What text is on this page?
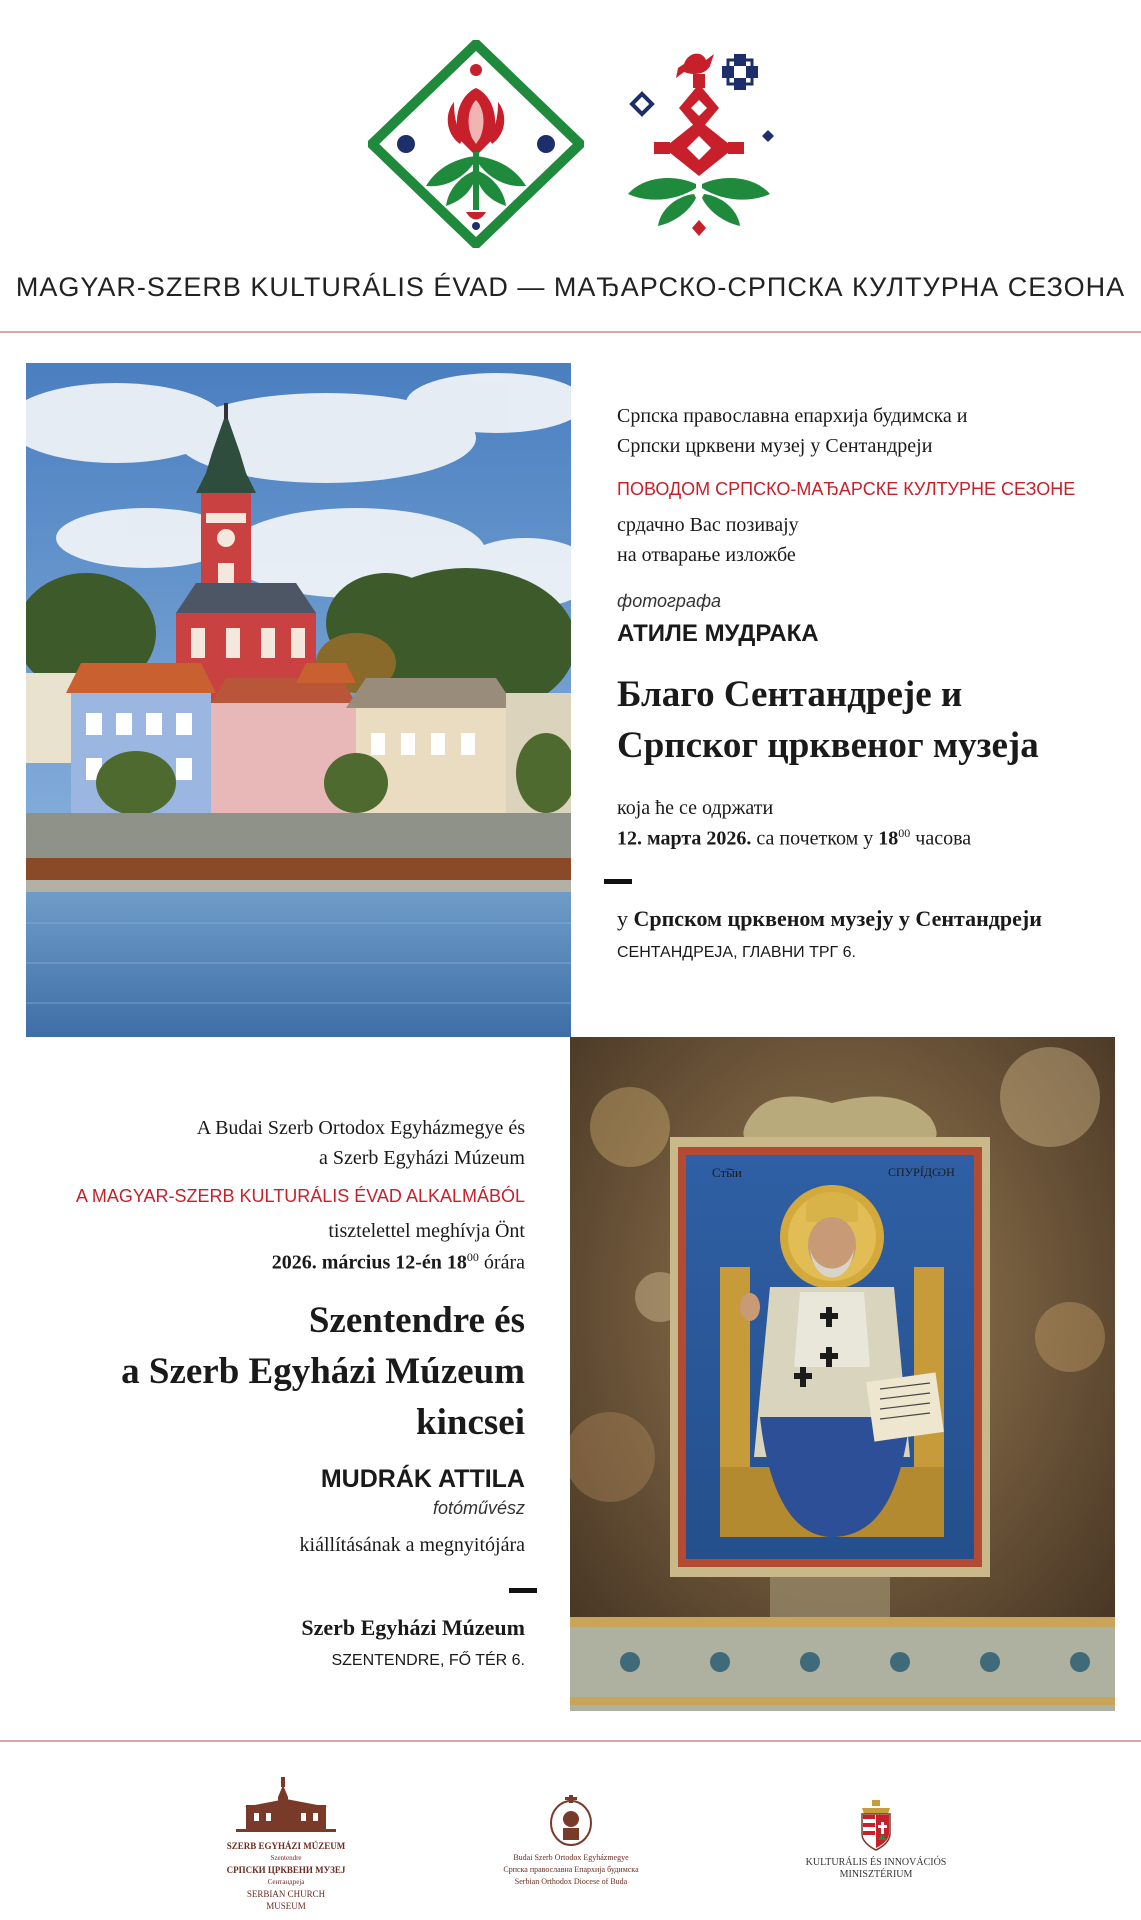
MAGYAR-SZERB KULTURÁLIS ÉVAD — МАЂАРСКО-СРПСКА КУЛТУРНА СЕЗОНА
Српска православна епархија будимска и
Српски црквени музеј у Сентандреји
ПОВОДОМ СРПСКО-МАЂАРСКЕ КУЛТУРНЕ СЕЗОНЕ
срдачно Вас позивају
на отварање изложбе
фотографа
АТИЛЕ МУДРАКА
Благо Сентандреје и
Српског црквеног музеја
која ће се одржати
12. марта 2026. са почетком у $18^{00}$ часова
у Српском црквеном музеју у Сентандреји
СЕНТАНДРЕЈА, ГЛАВНИ ТРГ 6.
Ст͠ыи	СПУРÍДѠН
A Budai Szerb Ortodox Egyházmegye és
a Szerb Egyházi Múzeum
A MAGYAR-SZERB KULTURÁLIS ÉVAD ALKALMÁBÓL
tisztelettel meghívja Önt
2026. március 12-én $18^{00}$ órára
Szentendre és
a Szerb Egyházi Múzeum
kincsei
MUDRÁK ATTILA
fotóművész
kiállításának a megnyitójára
Szerb Egyházi Múzeum
SZENTENDRE, FŐ TÉR 6.
SZERB EGYHÁZI MÚZEUM
Szentendre
СРПСКИ ЦРКВЕНИ МУЗЕЈ
Сентандреја
SERBIAN CHURCH MUSEUM
Budai Szerb Ortodox Egyházmegye
Српска православна Епархија будимска
Serbian Orthodox Diocese of Buda
KULTURÁLIS ÉS INNOVÁCIÓS
MINISZTÉRIUM
